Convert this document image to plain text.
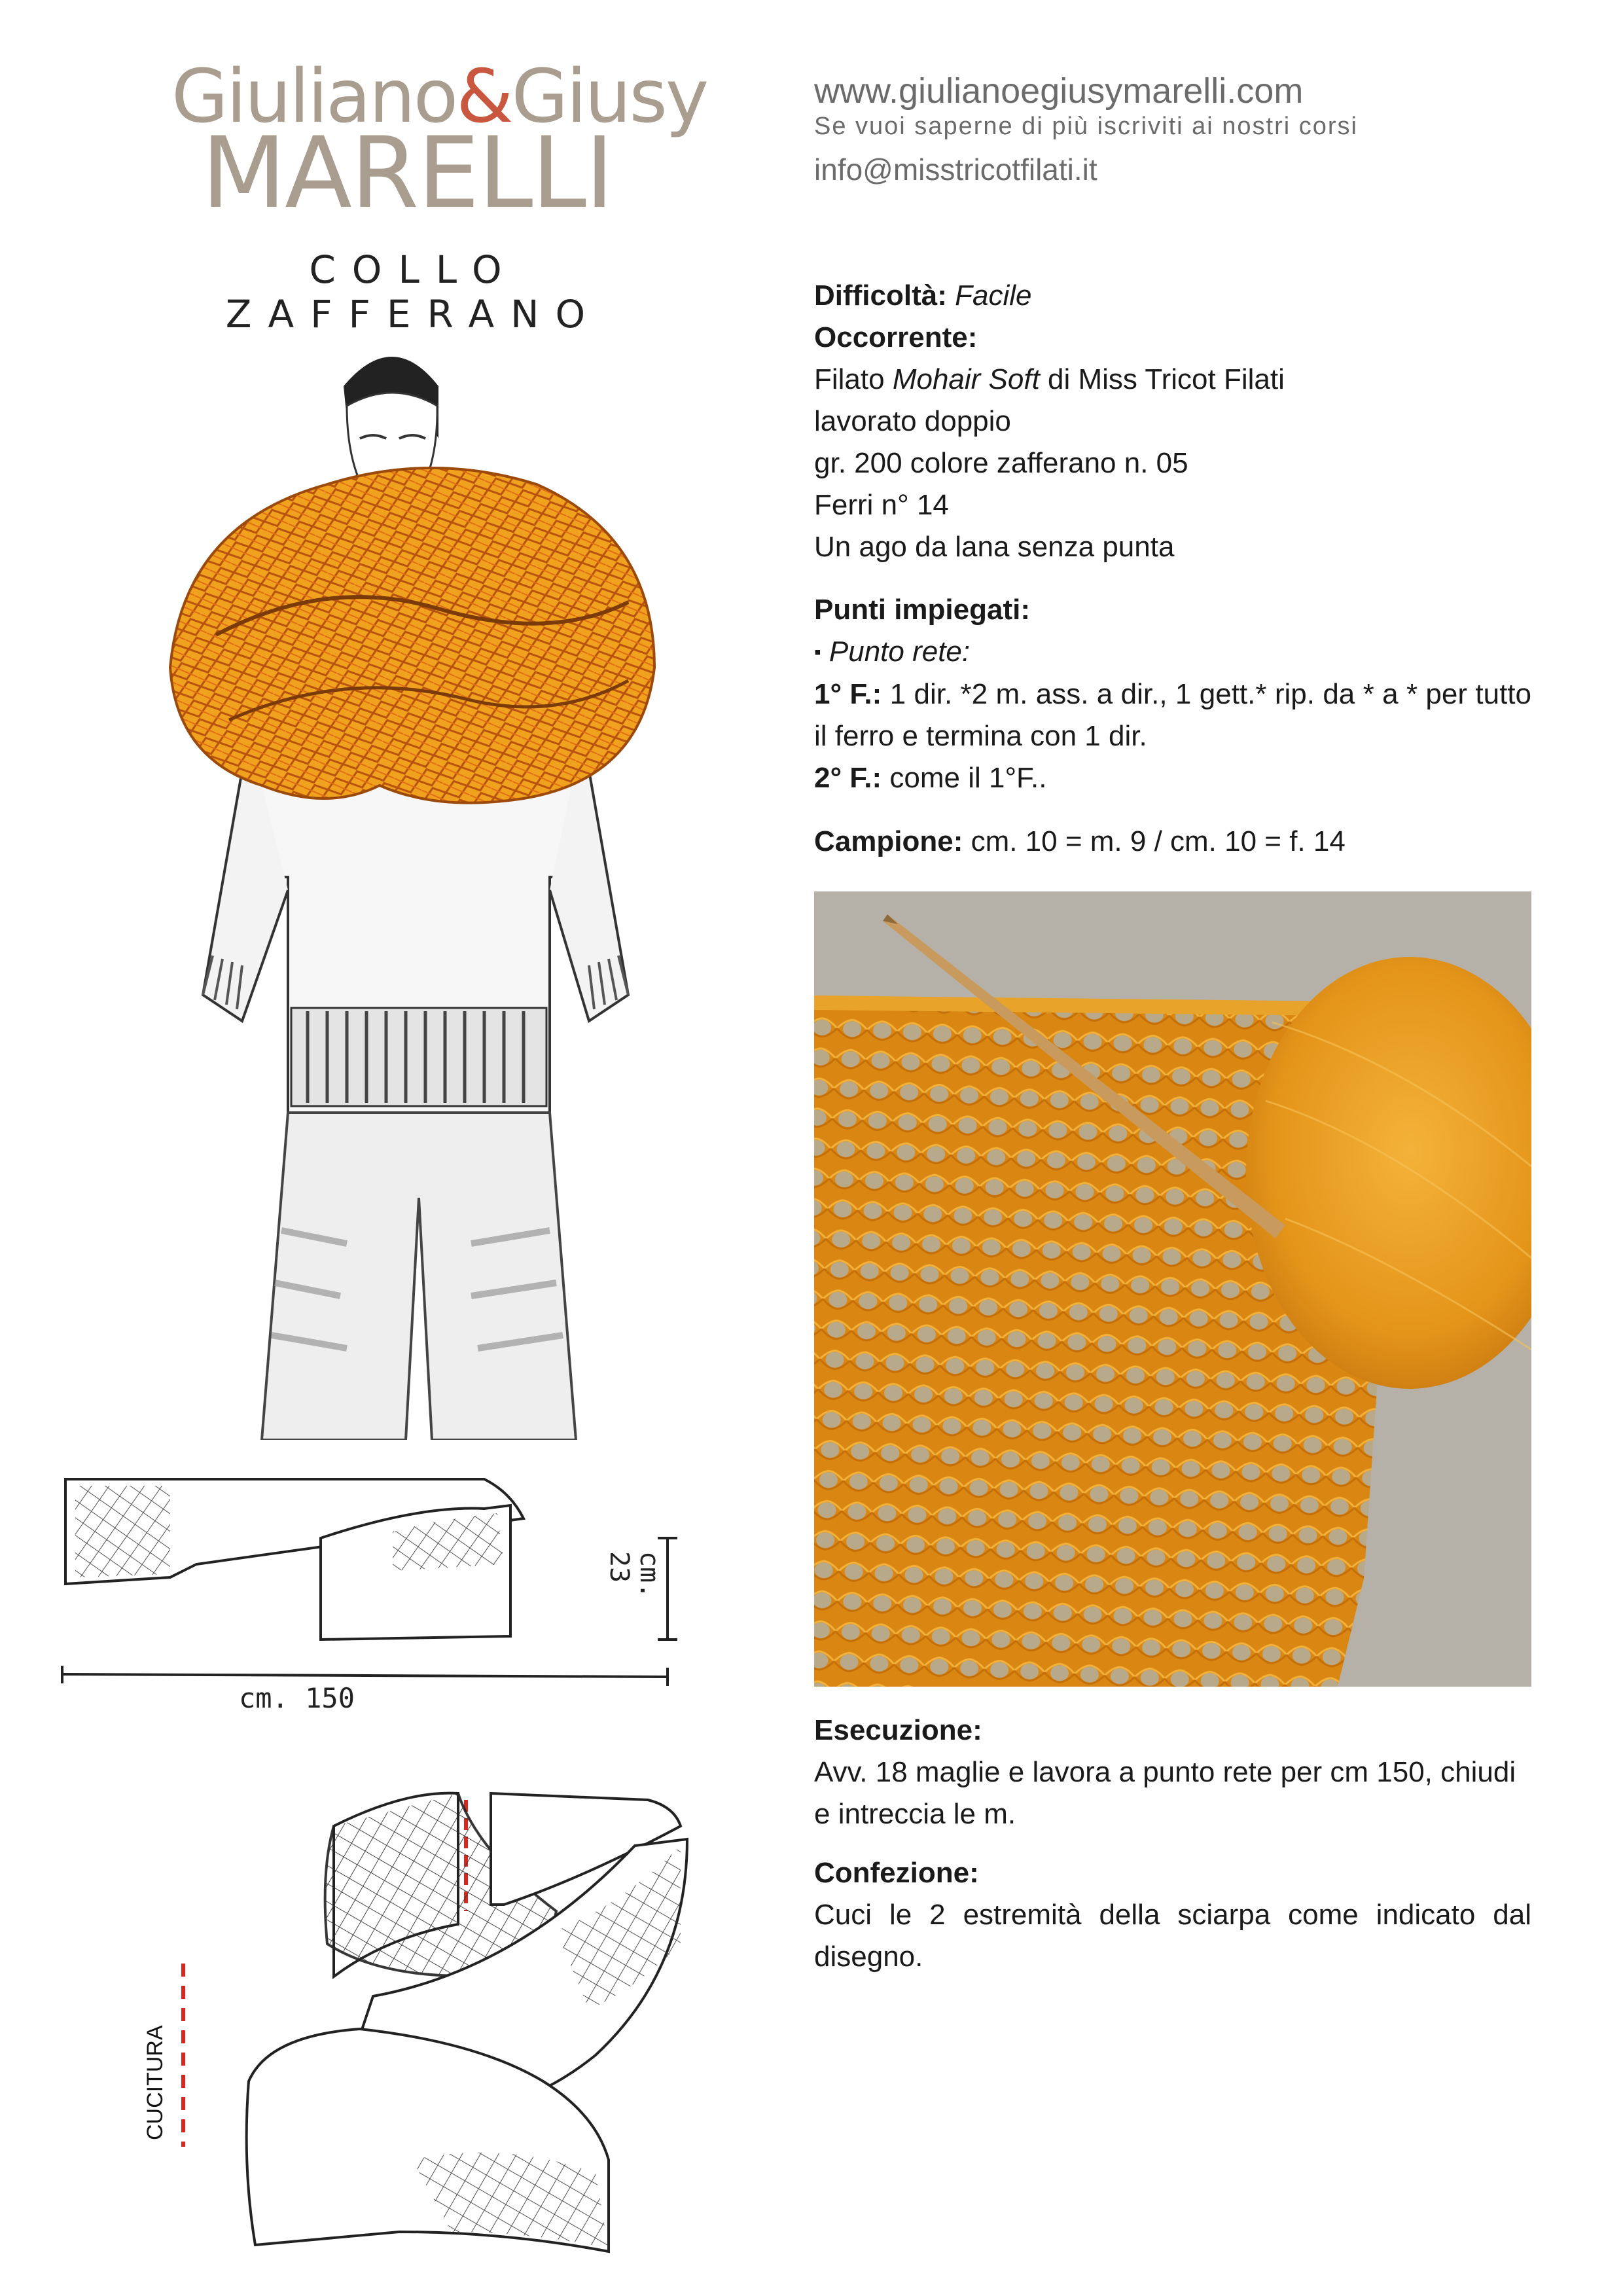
Giuliano&Giusy
MARELLI
COLLO ZAFFERANO
www.giulianoegiusymarelli.com
Se vuoi saperne di più iscriviti ai nostri corsi
info@misstricotfilati.it
Difficoltà: Facile
Occorrente:
Filato Mohair Soft di Miss Tricot Filati
lavorato doppio
gr. 200 colore zafferano n. 05
Ferri n° 14
Un ago da lana senza punta
Punti impiegati:
▪ Punto rete:
1° F.: 1 dir. *2 m. ass. a dir., 1 gett.* rip. da * a * per tutto il ferro e termina con 1 dir.
2° F.: come il 1°F..
Campione: cm. 10 = m. 9 / cm. 10 = f. 14
Esecuzione:
Avv. 18 maglie e lavora a punto rete per cm 150, chiudi e intreccia le m.
Confezione:
Cuci le 2 estremità della sciarpa come indicato dal disegno.
cm. 150
cm. 23
CUCITURA
